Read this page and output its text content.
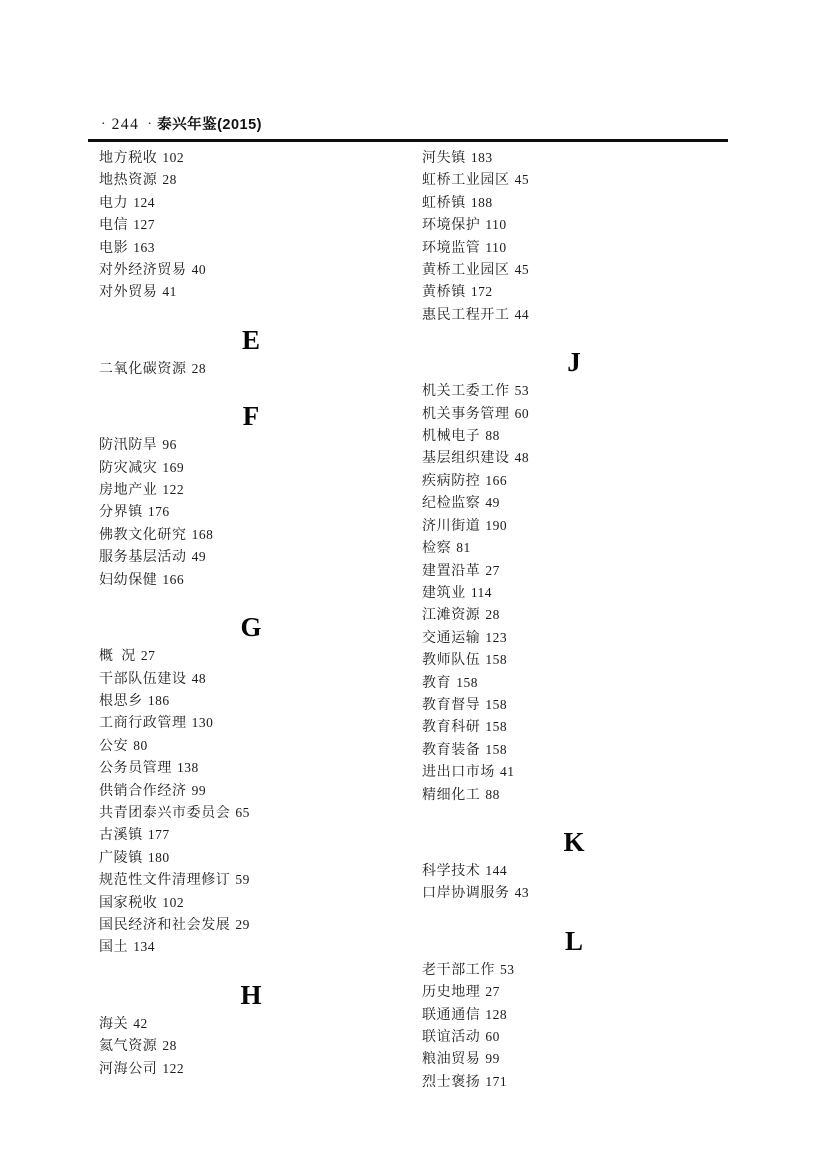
· 244 · 泰兴年鉴(2015)
地方税收 102
地热资源 28
电力 124
电信 127
电影 163
对外经济贸易 40
对外贸易 41
E
二氧化碳资源 28
F
防汛防旱 96
防灾减灾 169
房地产业 122
分界镇 176
佛教文化研究 168
服务基层活动 49
妇幼保健 166
G
概 况 27
干部队伍建设 48
根思乡 186
工商行政管理 130
公安 80
公务员管理 138
供销合作经济 99
共青团泰兴市委员会 65
古溪镇 177
广陵镇 180
规范性文件清理修订 59
国家税收 102
国民经济和社会发展 29
国土 134
H
海关 42
氦气资源 28
河海公司 122
河失镇 183
虹桥工业园区 45
虹桥镇 188
环境保护 110
环境监管 110
黄桥工业园区 45
黄桥镇 172
惠民工程开工 44
J
机关工委工作 53
机关事务管理 60
机械电子 88
基层组织建设 48
疾病防控 166
纪检监察 49
济川街道 190
检察 81
建置沿革 27
建筑业 114
江滩资源 28
交通运输 123
教师队伍 158
教育 158
教育督导 158
教育科研 158
教育装备 158
进出口市场 41
精细化工 88
K
科学技术 144
口岸协调服务 43
L
老干部工作 53
历史地理 27
联通通信 128
联谊活动 60
粮油贸易 99
烈士褒扬 171
